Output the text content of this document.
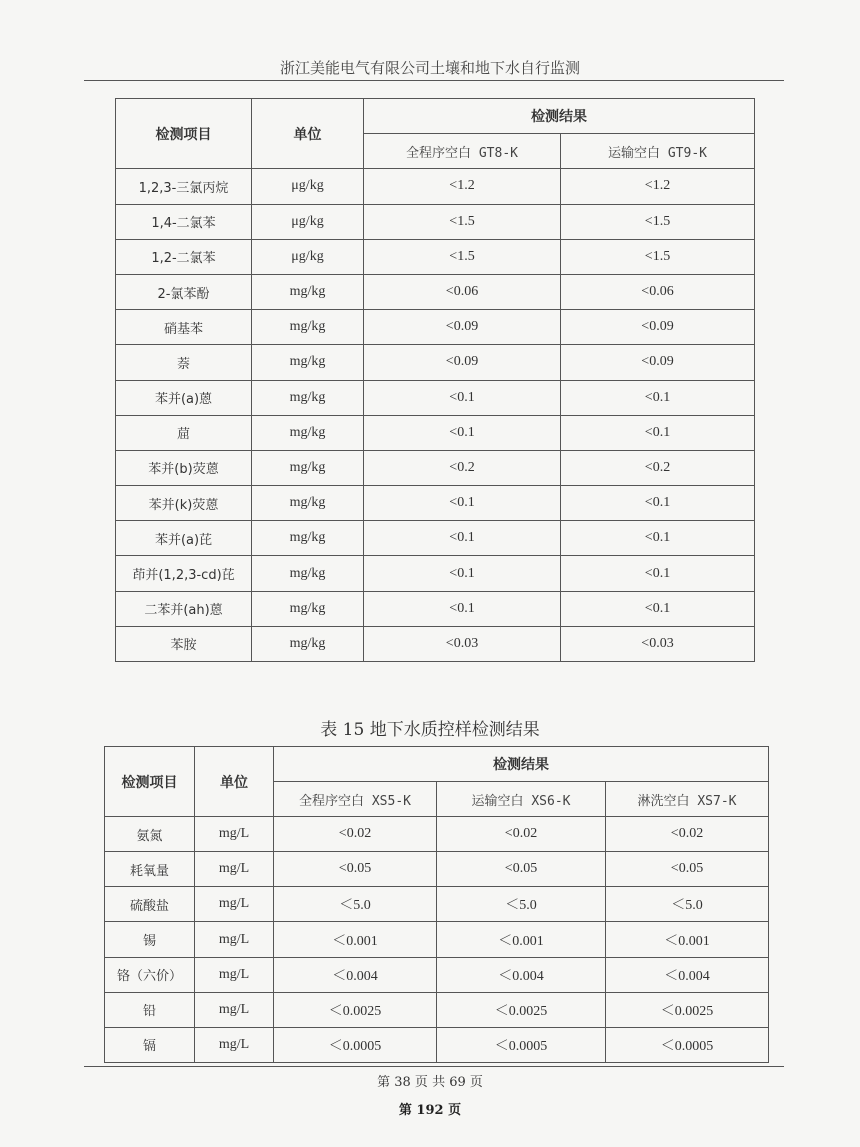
浙江美能电气有限公司土壤和地下水自行监测
检测项目	单位	检测结果	
		全程序空白 GT8-K	运输空白 GT9-K
1,2,3-三氯丙烷	μg/kg	<1.2	<1.2
1,4-二氯苯	μg/kg	<1.5	<1.5
1,2-二氯苯	μg/kg	<1.5	<1.5
2-氯苯酚	mg/kg	<0.06	<0.06
硝基苯	mg/kg	<0.09	<0.09
萘	mg/kg	<0.09	<0.09
苯并(a)蒽	mg/kg	<0.1	<0.1
䓛	mg/kg	<0.1	<0.1
苯并(b)荧蒽	mg/kg	<0.2	<0.2
苯并(k)荧蒽	mg/kg	<0.1	<0.1
苯并(a)芘	mg/kg	<0.1	<0.1
茚并(1,2,3-cd)芘	mg/kg	<0.1	<0.1
二苯并(ah)蒽	mg/kg	<0.1	<0.1
苯胺	mg/kg	<0.03	<0.03
表 15 地下水质控样检测结果
检测项目	单位	检测结果		
		全程序空白 XS5-K	运输空白 XS6-K	淋洗空白 XS7-K
氨氮	mg/L	<0.02	<0.02	<0.02
耗氧量	mg/L	<0.05	<0.05	<0.05
硫酸盐	mg/L	＜5.0	＜5.0	＜5.0
锡	mg/L	＜0.001	＜0.001	＜0.001
铬（六价）	mg/L	＜0.004	＜0.004	＜0.004
铅	mg/L	＜0.0025	＜0.0025	＜0.0025
镉	mg/L	＜0.0005	＜0.0005	＜0.0005
第 38 页 共 69 页
第 192 页
